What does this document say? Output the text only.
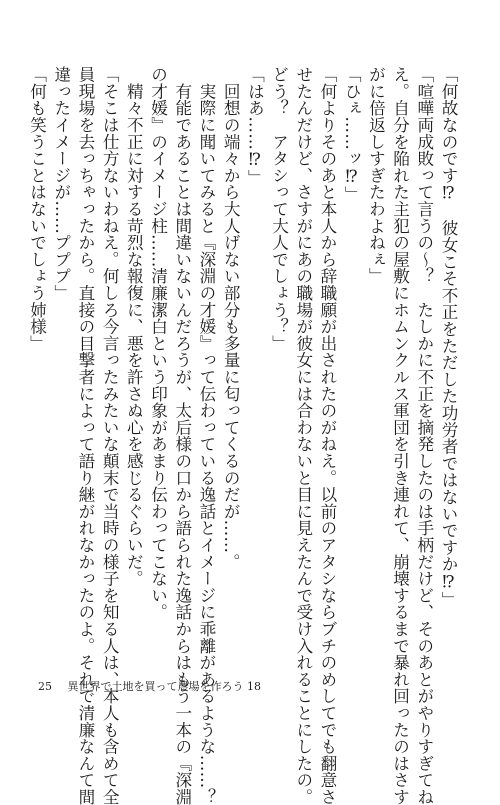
「何故なのです⁉　彼女こそ不正をただした功労者ではないですか⁉」
「喧嘩両成敗って言うの〜？　たしかに不正を摘発したのは手柄だけど、そのあとがやりすぎてね
え。自分を陥れた主犯の屋敷にホムンクルス軍団を引き連れて、崩壊するまで暴れ回ったのはさす
がに倍返しすぎたわよねぇ」
「ひぇ……ッ⁉」
「何よりそのあと本人から辞職願が出されたのがねえ。以前のアタシならブチのめしてでも翻意さ
せたんだけど、さすがにあの職場が彼女には合わないと目に見えたんで受け入れることにしたの。
どう？　アタシって大人でしょう？」
「はあ……⁉」
　回想の端々から大人げない部分も多量に匂ってくるのだが……。
　実際に聞いてみると『深淵の才媛』って伝わっている逸話とイメージに乖離があるような……？
　有能であることは間違いないんだろうが、太后様の口から語られた逸話からはもう一本の『深淵
の才媛』のイメージ柱……清廉潔白という印象があまり伝わってこない。
　精々不正に対する苛烈な報復に、悪を許さぬ心を感じるぐらいだ。
「そこは仕方ないわねえ。何しろ今言ったみたいな顛末で当時の様子を知る人は、本人も含めて全
員現場を去っちゃったから。直接の目撃者によって語り継がれなかったのよ。それで清廉なんて間
違ったイメージが……プププ」
「何も笑うことはないでしょう姉様」
25 異世界で土地を買って農場を作ろう 18
